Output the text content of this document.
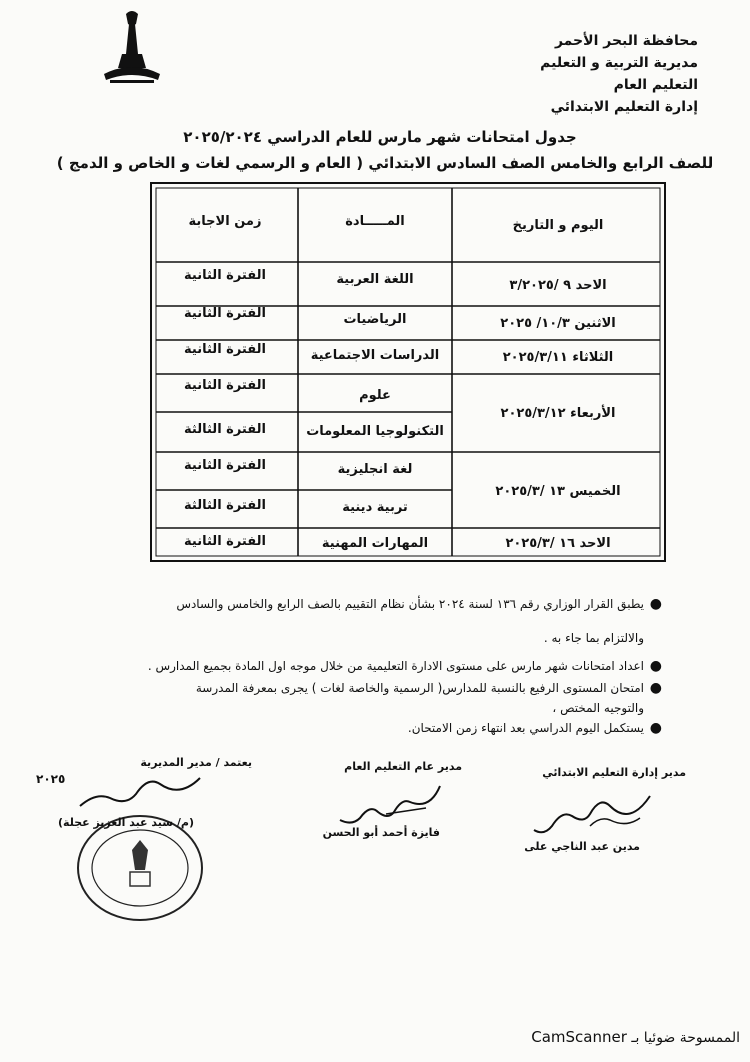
محافظة البحر الأحمر
مديرية التربية و التعليم
التعليم العام
إدارة التعليم الابتدائي
جدول امتحانات شهر مارس للعام الدراسي ٢٠٢٥/٢٠٢٤
للصف الرابع والخامس الصف السادس الابتدائي ( العام و الرسمي لغات و الخاص و الدمج )
اليوم و التاريخ
المـــــادة
زمن الاجابة
الاحد ٩ /٣/٢٠٢٥
الاثنين ١٠/٣/ ٢٠٢٥
الثلاثاء ٢٠٢٥/٣/١١
الأربعاء ٢٠٢٥/٣/١٢
الخميس ١٣ /٢٠٢٥/٣
الاحد ١٦ /٢٠٢٥/٣
اللغة العربية
الفترة الثانية
الرياضيات
الفترة الثانية
الدراسات الاجتماعية
الفترة الثانية
علوم
الفترة الثانية
التكنولوجيا المعلومات
الفترة الثالثة
لغة انجليزية
الفترة الثانية
تربية دينية
الفترة الثالثة
المهارات المهنية
الفترة الثانية
●
يطبق القرار الوزاري رقم ١٣٦ لسنة ٢٠٢٤ بشأن نظام التقييم بالصف الرابع والخامس والسادس
والالتزام بما جاء به .
●
اعداد امتحانات شهر مارس على مستوى الادارة التعليمية من خلال موجه اول المادة بجميع المدارس .
●
امتحان المستوى الرفيع بالنسبة للمدارس( الرسمية والخاصة لغات ) يجرى بمعرفة المدرسة
والتوجيه المختص ،
●
يستكمل اليوم الدراسي بعد انتهاء زمن الامتحان.
مدير إدارة التعليم الابتدائي
مدين عبد الناجي على
مدير عام التعليم العام
فايزة أحمد أبو الحسن
يعتمد / مدير المديرية
٢٠٢٥
(م/ سيد عبد العزيز عجلة)
الممسوحة ضوئيا بـ CamScanner
